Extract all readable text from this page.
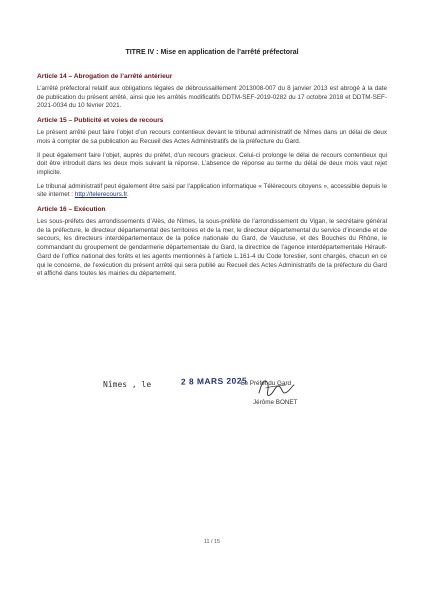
TITRE IV : Mise en application de l’arrêté préfectoral
Article 14 – Abrogation de l’arrêté antérieur

L’arrêté préfectoral relatif aux obligations légales de débroussaillement 2013008-007 du 8 janvier 2013 est abrogé à la date de publication du présent arrêté, ainsi que les arrêtés modificatifs DDTM-SEF-2019-0282 du 17 octobre 2018 et DDTM-SEF-2021-0034 du 10 février 2021.

Article 15 – Publicité et voies de recours

Le présent arrêté peut faire l’objet d’un recours contentieux devant le tribunal administratif de Nîmes dans un délai de deux mois à compter de sa publication au Recueil des Actes Administratifs de la préfecture du Gard.

Il peut également faire l’objet, auprès du préfet, d’un recours gracieux. Celui-ci prolonge le délai de recours contentieux qui doit être introduit dans les deux mois suivant la réponse. L’absence de réponse au terme du délai de deux mois vaut rejet implicite.

Le tribunal administratif peut également être saisi par l’application informatique « Télérecours citoyens », accessible depuis le site internet : http://telerecours.fr.

Article 16 – Exécution

Les sous-préfets des arrondissements d’Alès, de Nîmes, la sous-préfète de l’arrondissement du Vigan, le secrétaire général de la préfecture, le directeur départemental des territoires et de la mer, le directeur départemental du service d’incendie et de secours, les directeurs interdépartementaux de la police nationale du Gard, de Vaucluse, et des Bouches du Rhône, le commandant du groupement de gendarmerie départementale du Gard, la directrice de l’agence interdépartementale Hérault-Gard de l’office national des forêts et les agents mentionnés à l’article L.161-4 du Code forestier, sont chargés, chacun en ce qui le concerne, de l’exécution du présent arrêté qui sera publié au Recueil des Actes Administratifs de la préfecture du Gard et affiché dans toutes les mairies du département.

Nîmes , le	2 8 MARS 2025
Le Préfet du Gard
Jérôme BONET
11 / 15
